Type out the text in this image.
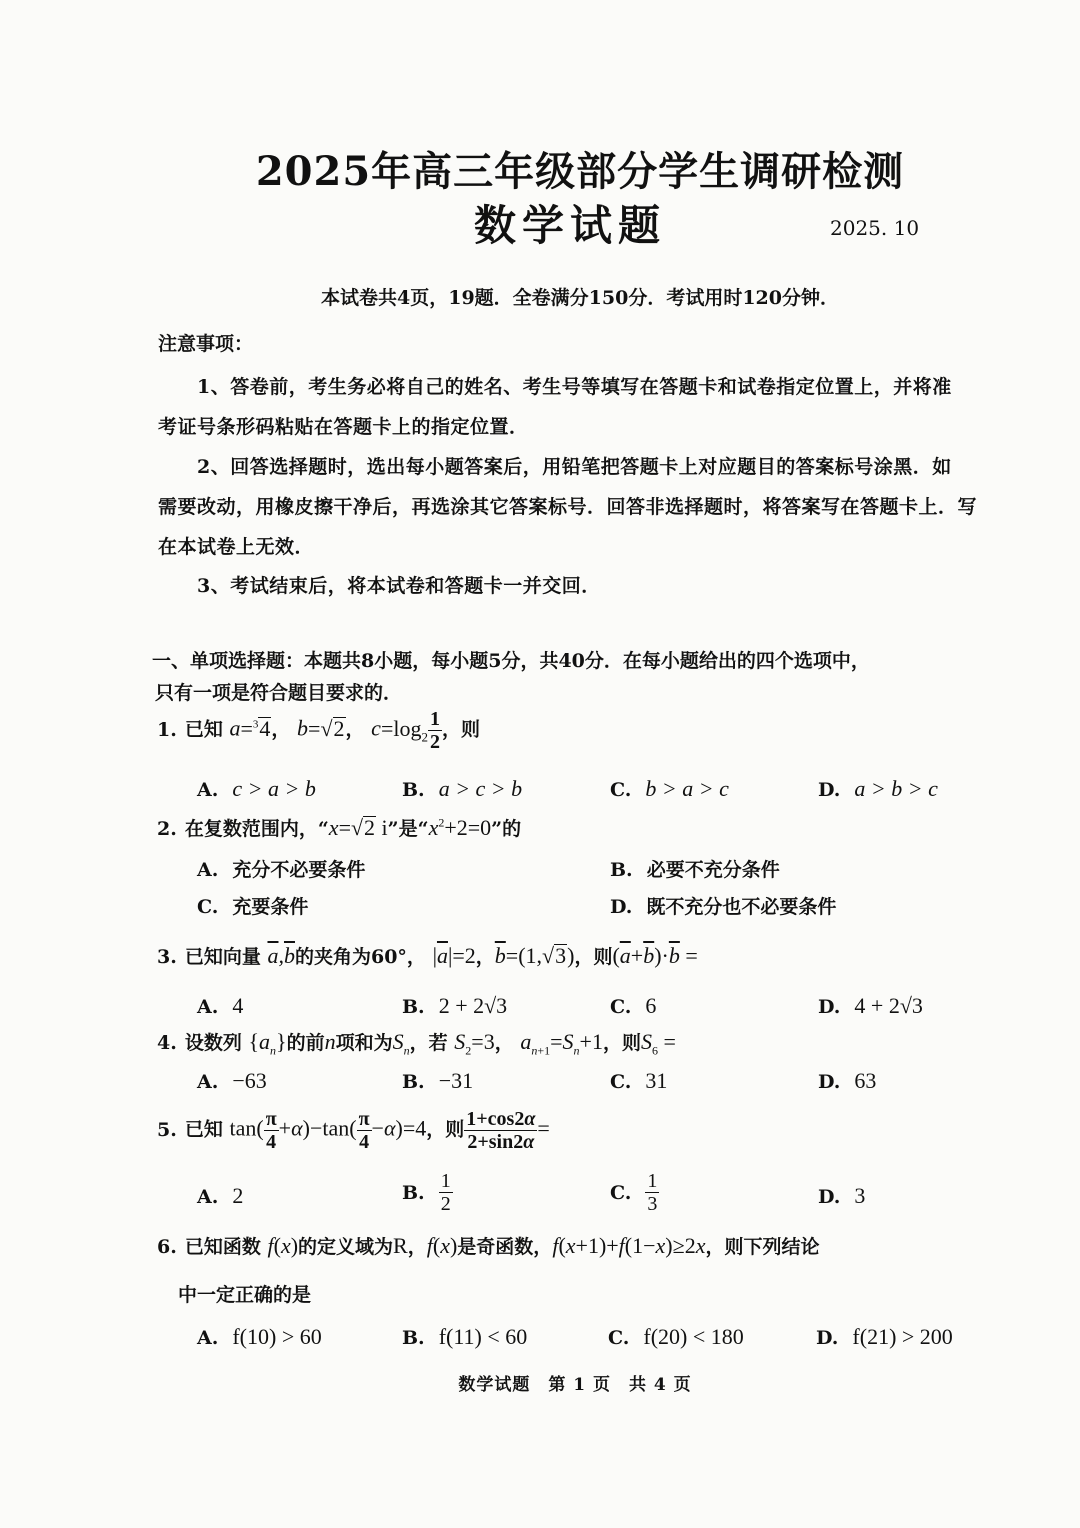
2025年高三年级部分学生调研检测
数学试题	2025. 10
本试卷共4页，19题．全卷满分150分．考试用时120分钟．
注意事项：
1、答卷前，考生务必将自己的姓名、考生号等填写在答题卡和试卷指定位置上，并将准
考证号条形码粘贴在答题卡上的指定位置．
2、回答选择题时，选出每小题答案后，用铅笔把答题卡上对应题目的答案标号涂黑．如
需要改动，用橡皮擦干净后，再选涂其它答案标号．回答非选择题时，将答案写在答题卡上．写
在本试卷上无效．
3、考试结束后，将本试卷和答题卡一并交回．
一、单项选择题：本题共8小题，每小题5分，共40分．在每小题给出的四个选项中，
只有一项是符合题目要求的．
1. 已知 a=$^3$4， b=√2， $c=\log_2 \frac{1}{2}$ ，则
A. c > a > b	B. a > c > b	C. b > a > c	D. a > b > c
2. 在复数范围内，“x=√2 i”是“$x^2+2=0$”的
A. 充分不必要条件	B. 必要不充分条件
C. 充要条件	D. 既不充分也不必要条件
3. 已知向量 $\overline{a},\overline{b}$的夹角为60°， $|\overline{a}|=2$，$\overline{b}=(1,√3)$，则$(\overline{a}+\overline{b})\cdot\overline{b}$ =
A. 4	B. 2 + 2√3	C. 6	D. 4 + 2√3
4. 设数列 $\{a_n\}$的前n项和为$S_n$，若 $S_2=3$， $a_{n+1}=S_n+1$，则$S_6$ =
A. −63	B. −31	C. 31	D. 63
5. 已知 $\tan( \frac{\pi}{4} +\alpha)-\tan( \frac{\pi}{4} -\alpha)=4$，则 $\frac{1+\cos 2\alpha}{2+\sin 2\alpha}$ =
A. 2	B. $\frac{1}{2}$	C. $\frac{1}{3}$	D. 3
6. 已知函数 f(x)的定义域为R，f(x)是奇函数，f(x+1)+f(1−x)≥2x，则下列结论
中一定正确的是
A. f(10) > 60	B. f(11) < 60	C. f(20) < 180	D. f(21) > 200
数学试题　第 1 页　共 4 页
